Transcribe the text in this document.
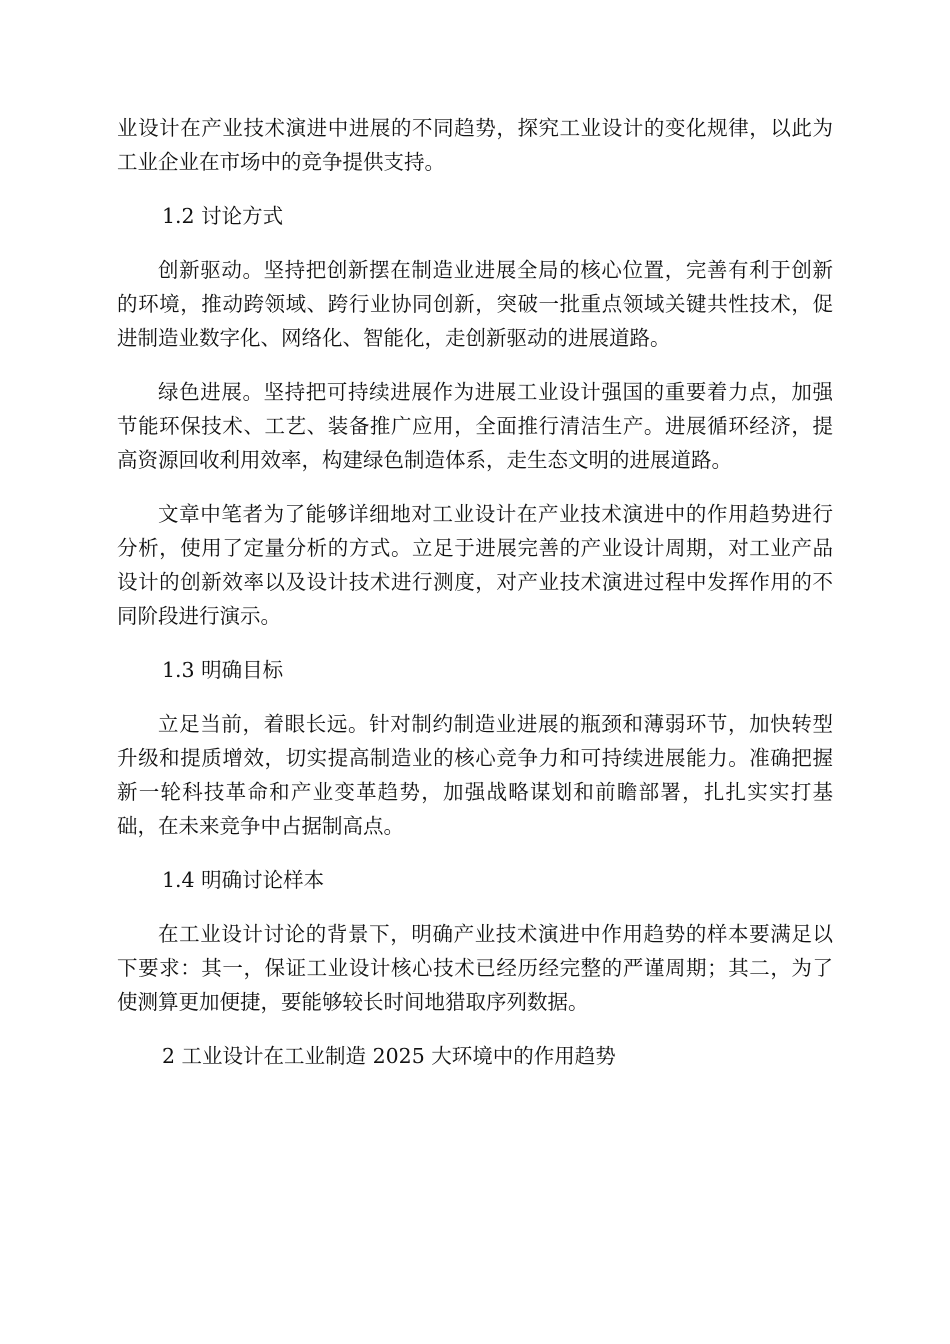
业设计在产业技术演进中进展的不同趋势，探究工业设计的变化规律，以此为工业企业在市场中的竞争提供支持。

1.2 讨论方式

创新驱动。坚持把创新摆在制造业进展全局的核心位置，完善有利于创新的环境，推动跨领域、跨行业协同创新，突破一批重点领域关键共性技术，促进制造业数字化、网络化、智能化，走创新驱动的进展道路。

绿色进展。坚持把可持续进展作为进展工业设计强国的重要着力点，加强节能环保技术、工艺、装备推广应用，全面推行清洁生产。进展循环经济，提高资源回收利用效率，构建绿色制造体系，走生态文明的进展道路。

文章中笔者为了能够详细地对工业设计在产业技术演进中的作用趋势进行分析，使用了定量分析的方式。立足于进展完善的产业设计周期，对工业产品设计的创新效率以及设计技术进行测度，对产业技术演进过程中发挥作用的不同阶段进行演示。

1.3 明确目标

立足当前，着眼长远。针对制约制造业进展的瓶颈和薄弱环节，加快转型升级和提质增效，切实提高制造业的核心竞争力和可持续进展能力。准确把握新一轮科技革命和产业变革趋势，加强战略谋划和前瞻部署，扎扎实实打基础，在未来竞争中占据制高点。

1.4 明确讨论样本

在工业设计讨论的背景下，明确产业技术演进中作用趋势的样本要满足以下要求：其一，保证工业设计核心技术已经历经完整的严谨周期；其二，为了使测算更加便捷，要能够较长时间地猎取序列数据。

2 工业设计在工业制造 2025 大环境中的作用趋势
